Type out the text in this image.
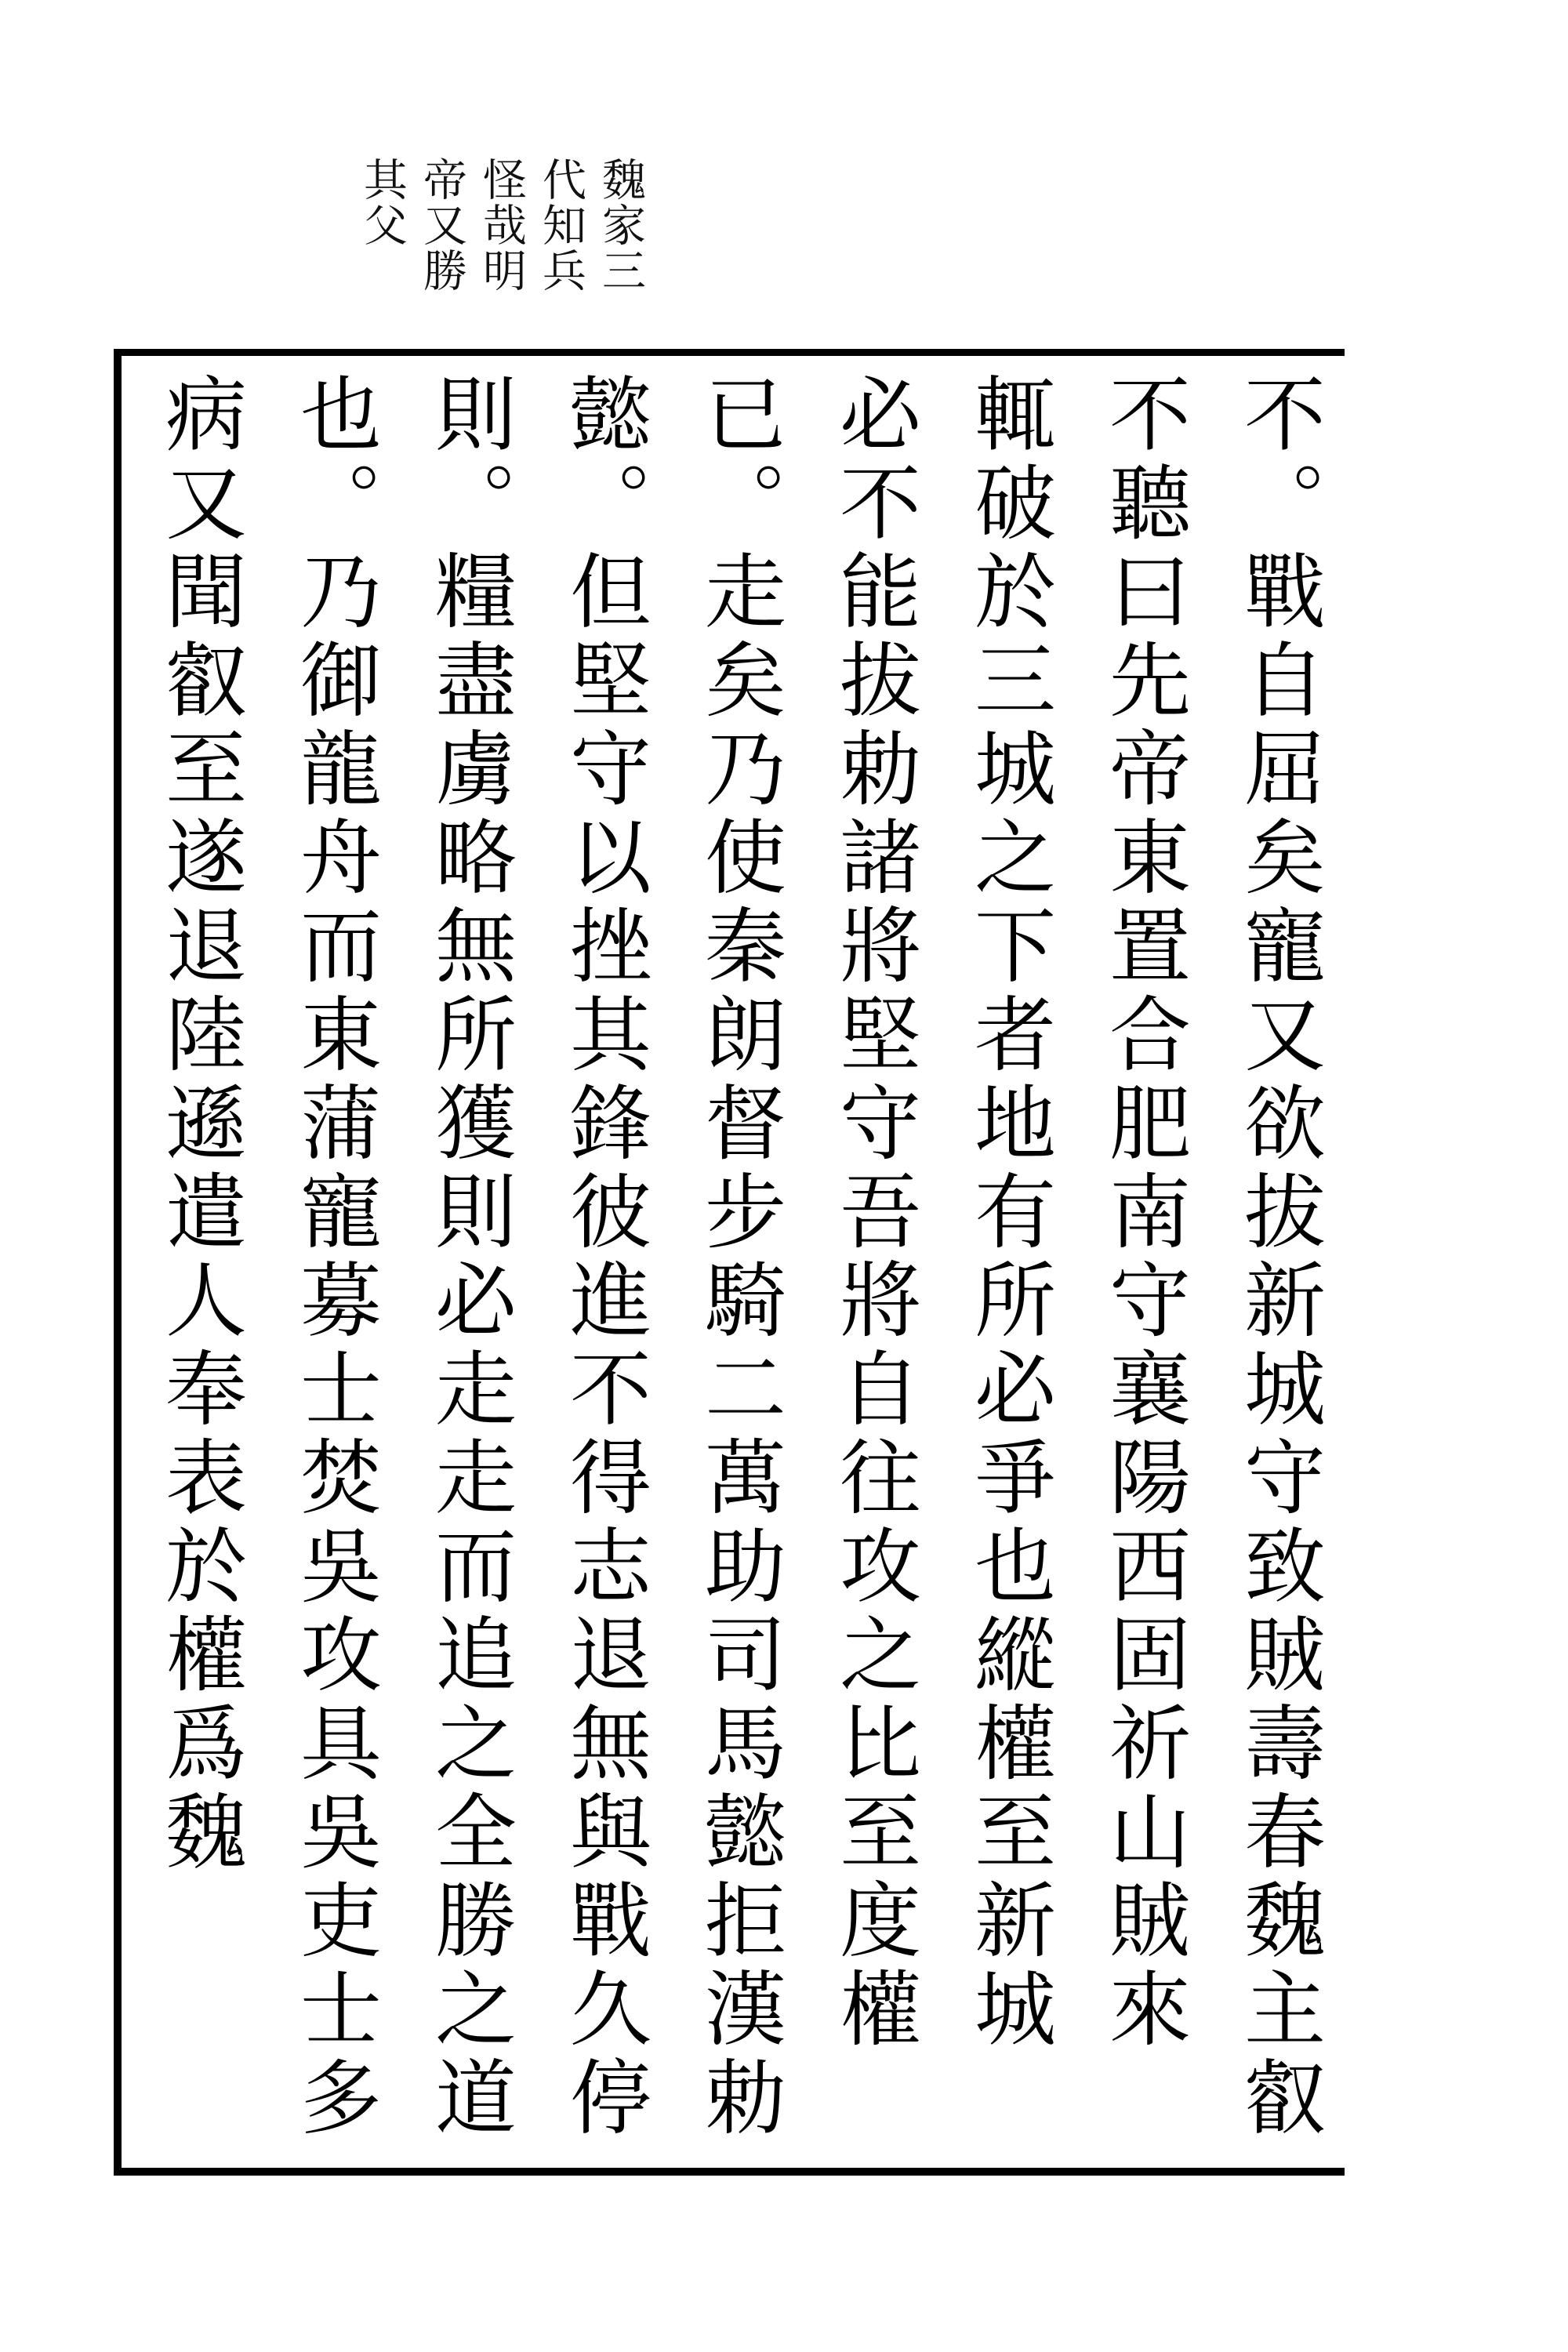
魏家三
代知兵
怪哉明
帝又勝
其父
不。戰自屈矣寵又欲拔新城守致賊壽春魏主叡
不聽曰先帝東置合肥南守襄陽西固祈山賊來
輒破於三城之下者地有所必爭也縱權至新城
必不能拔勅諸將堅守吾將自往攻之比至度權
已。走矣乃使秦朗督步騎二萬助司馬懿拒漢勅
懿。但堅守以挫其鋒彼進不得志退無與戰久停
則。糧盡虜略無所獲則必走走而追之全勝之道
也。乃御龍舟而東蒲寵募士焚吳攻具吳吏士多
病又聞叡至遂退陸遜遣人奉表於權爲魏
